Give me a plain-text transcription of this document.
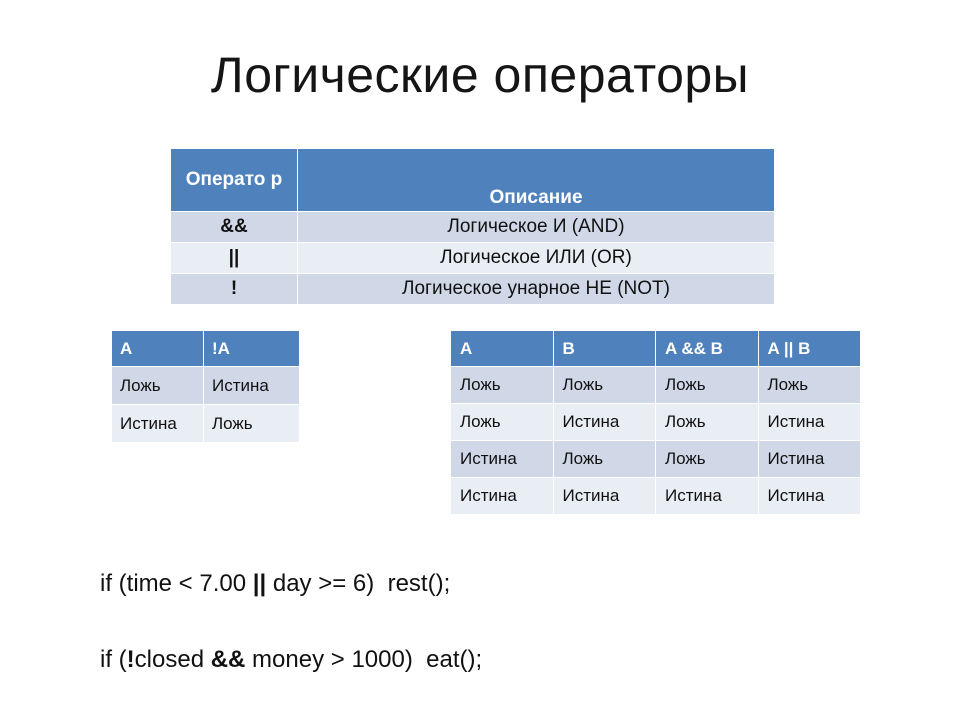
Логические операторы
Операто р	Описание
&&	Логическое И (AND)
||	Логическое ИЛИ (OR)
!	Логическое унарное НЕ (NOT)
A	!A
Ложь	Истина
Истина	Ложь
A	B	A && B	A || B
Ложь	Ложь	Ложь	Ложь
Ложь	Истина	Ложь	Истина
Истина	Ложь	Ложь	Истина
Истина	Истина	Истина	Истина
if (time < 7.00 || day >= 6)  rest();
if (!closed && money > 1000)  eat();
